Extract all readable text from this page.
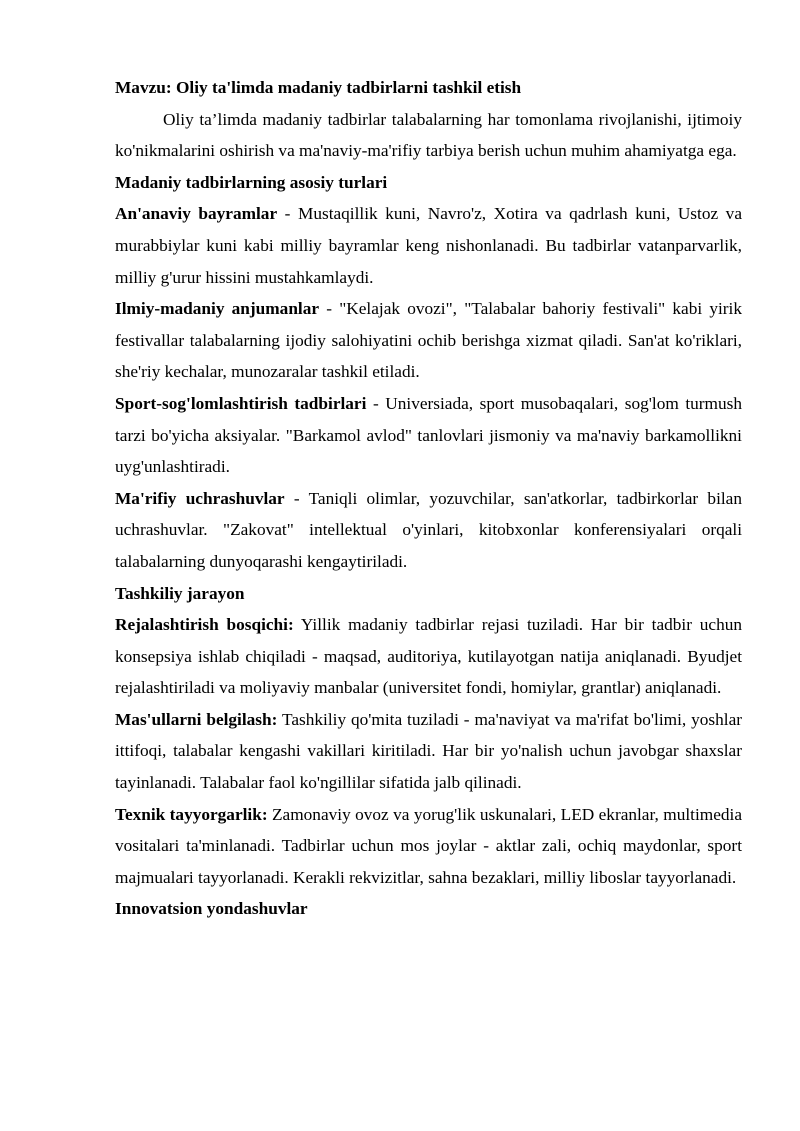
Mavzu: Oliy ta'limda madaniy tadbirlarni tashkil etish

Oliy ta’limda madaniy tadbirlar talabalarning har tomonlama rivojlanishi, ijtimoiy ko'nikmalarini oshirish va ma'naviy-ma'rifiy tarbiya berish uchun muhim ahamiyatga ega.

Madaniy tadbirlarning asosiy turlari

An'anaviy bayramlar - Mustaqillik kuni, Navro'z, Xotira va qadrlash kuni, Ustoz va murabbiylar kuni kabi milliy bayramlar keng nishonlanadi. Bu tadbirlar vatanparvarlik, milliy g'urur hissini mustahkamlaydi.

Ilmiy-madaniy anjumanlar - "Kelajak ovozi", "Talabalar bahoriy festivali" kabi yirik festivallar talabalarning ijodiy salohiyatini ochib berishga xizmat qiladi. San'at ko'riklari, she'riy kechalar, munozaralar tashkil etiladi.

Sport-sog'lomlashtirish tadbirlari - Universiada, sport musobaqalari, sog'lom turmush tarzi bo'yicha aksiyalar. "Barkamol avlod" tanlovlari jismoniy va ma'naviy barkamollikni uyg'unlashtiradi.

Ma'rifiy uchrashuvlar - Taniqli olimlar, yozuvchilar, san'atkorlar, tadbirkorlar bilan uchrashuvlar. "Zakovat" intellektual o'yinlari, kitobxonlar konferensiyalari orqali talabalarning dunyoqarashi kengaytiriladi.

Tashkiliy jarayon

Rejalashtirish bosqichi: Yillik madaniy tadbirlar rejasi tuziladi. Har bir tadbir uchun konsepsiya ishlab chiqiladi - maqsad, auditoriya, kutilayotgan natija aniqlanadi. Byudjet rejalashtiriladi va moliyaviy manbalar (universitet fondi, homiylar, grantlar) aniqlanadi.

Mas'ullarni belgilash: Tashkiliy qo'mita tuziladi - ma'naviyat va ma'rifat bo'limi, yoshlar ittifoqi, talabalar kengashi vakillari kiritiladi. Har bir yo'nalish uchun javobgar shaxslar tayinlanadi. Talabalar faol ko'ngillilar sifatida jalb qilinadi.

Texnik tayyorgarlik: Zamonaviy ovoz va yorug'lik uskunalari, LED ekranlar, multimedia vositalari ta'minlanadi. Tadbirlar uchun mos joylar - aktlar zali, ochiq maydonlar, sport majmualari tayyorlanadi. Kerakli rekvizitlar, sahna bezaklari, milliy liboslar tayyorlanadi.

Innovatsion yondashuvlar
